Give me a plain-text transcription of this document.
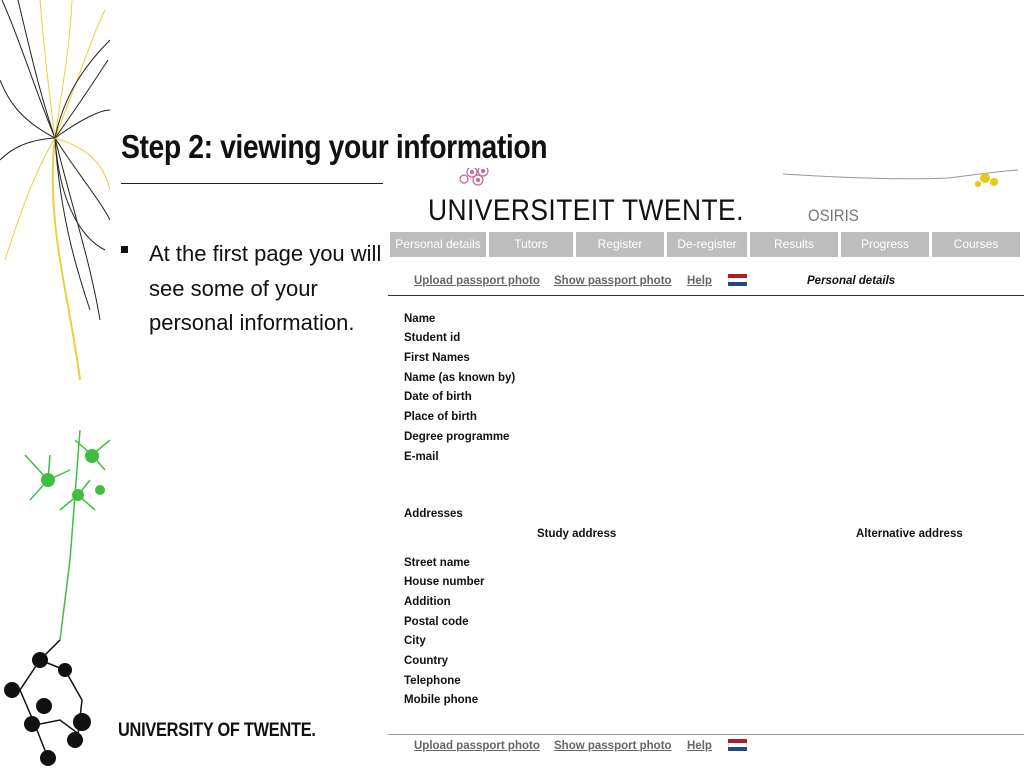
Step 2: viewing your information
At the first page you will see some of your personal information.
UNIVERSITY OF TWENTE.
UNIVERSITEIT TWENTE.	OSIRIS
Personal details	Tutors	Register	De-register	Results	Progress	Courses
Upload passport photo Show passport photo Help	Personal details
Name
Student id
First Names
Name (as known by)
Date of birth
Place of birth
Degree programme
E-mail
Addresses
Study address	Alternative address
Street name
House number
Addition
Postal code
City
Country
Telephone
Mobile phone
Upload passport photo Show passport photo Help
